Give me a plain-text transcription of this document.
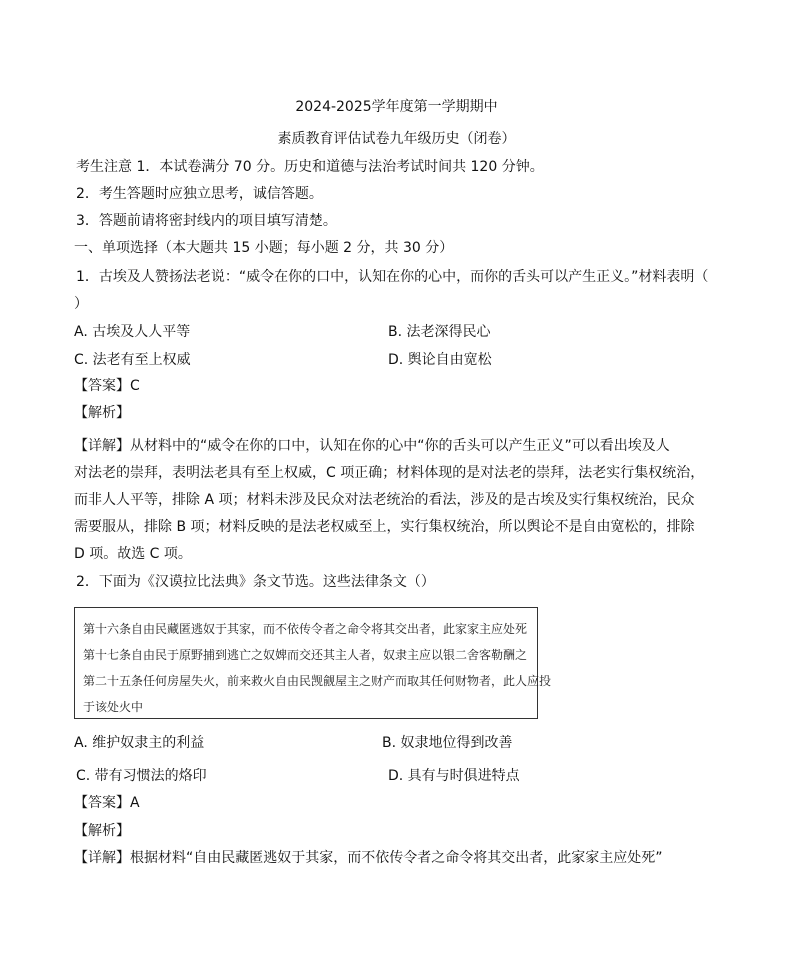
2024-2025学年度第一学期期中
素质教育评估试卷九年级历史（闭卷）
考生注意 1．本试卷满分 70 分。历史和道德与法治考试时间共 120 分钟。
2．考生答题时应独立思考，诚信答题。
3．答题前请将密封线内的项目填写清楚。
一、单项选择（本大题共 15 小题；每小题 2 分，共 30 分）
1．古埃及人赞扬法老说：“威令在你的口中，认知在你的心中，而你的舌头可以产生正义。”材料表明（
）
A. 古埃及人人平等	B. 法老深得民心
C. 法老有至上权威	D. 舆论自由宽松
【答案】C
【解析】
【详解】从材料中的“威令在你的口中，认知在你的心中“你的舌头可以产生正义”可以看出埃及人
对法老的崇拜，表明法老具有至上权威，C 项正确；材料体现的是对法老的崇拜，法老实行集权统治，
而非人人平等，排除 A 项；材料未涉及民众对法老统治的看法，涉及的是古埃及实行集权统治，民众
需要服从，排除 B 项；材料反映的是法老权威至上，实行集权统治，所以舆论不是自由宽松的，排除
D 项。故选 C 项。
2．下面为《汉谟拉比法典》条文节选。这些法律条文（）
第十六条自由民藏匿逃奴于其家，而不依传令者之命令将其交出者，此家家主应处死
第十七条自由民于原野捕到逃亡之奴婢而交还其主人者，奴隶主应以银二舍客勒酬之
第二十五条任何房屋失火，前来救火自由民觊觎屋主之财产而取其任何财物者，此人应投
于该处火中
A. 维护奴隶主的利益	B. 奴隶地位得到改善
C. 带有习惯法的烙印	D. 具有与时俱进特点
【答案】A
【解析】
【详解】根据材料“自由民藏匿逃奴于其家，而不依传令者之命令将其交出者，此家家主应处死”
